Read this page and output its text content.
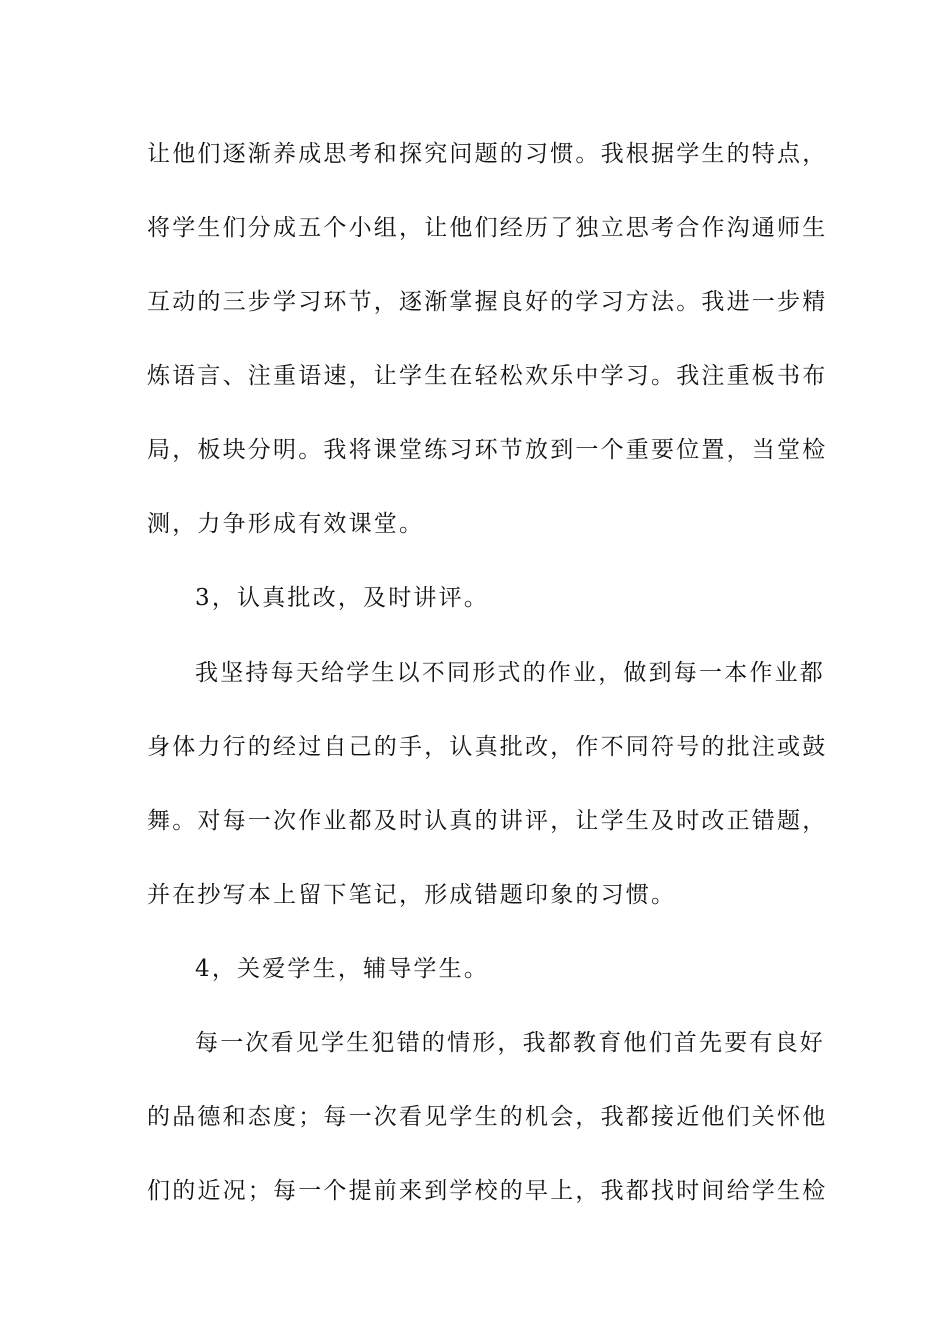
让他们逐渐养成思考和探究问题的习惯。我根据学生的特点，
将学生们分成五个小组，让他们经历了独立思考合作沟通师生
互动的三步学习环节，逐渐掌握良好的学习方法。我进一步精
炼语言、注重语速，让学生在轻松欢乐中学习。我注重板书布
局，板块分明。我将课堂练习环节放到一个重要位置，当堂检
测，力争形成有效课堂。
3，认真批改，及时讲评。
我坚持每天给学生以不同形式的作业，做到每一本作业都
身体力行的经过自己的手，认真批改，作不同符号的批注或鼓
舞。对每一次作业都及时认真的讲评，让学生及时改正错题，
并在抄写本上留下笔记，形成错题印象的习惯。
4，关爱学生，辅导学生。
每一次看见学生犯错的情形，我都教育他们首先要有良好
的品德和态度；每一次看见学生的机会，我都接近他们关怀他
们的近况；每一个提前来到学校的早上，我都找时间给学生检
